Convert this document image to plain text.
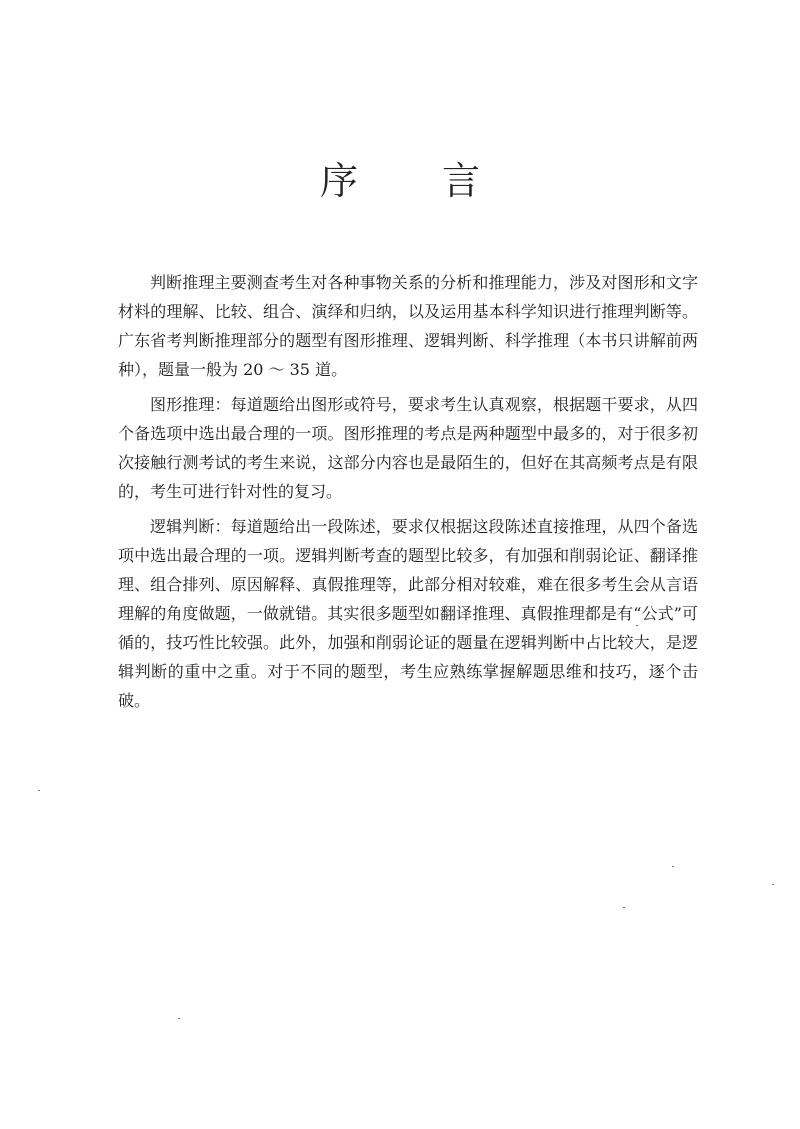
序 言

判断推理主要测查考生对各种事物关系的分析和推理能力，涉及对图形和文字材料的理解、比较、组合、演绎和归纳，以及运用基本科学知识进行推理判断等。广东省考判断推理部分的题型有图形推理、逻辑判断、科学推理（本书只讲解前两种），题量一般为 20 ～ 35 道。

图形推理：每道题给出图形或符号，要求考生认真观察，根据题干要求，从四个备选项中选出最合理的一项。图形推理的考点是两种题型中最多的，对于很多初次接触行测考试的考生来说，这部分内容也是最陌生的，但好在其高频考点是有限的，考生可进行针对性的复习。

逻辑判断：每道题给出一段陈述，要求仅根据这段陈述直接推理，从四个备选项中选出最合理的一项。逻辑判断考查的题型比较多，有加强和削弱论证、翻译推理、组合排列、原因解释、真假推理等，此部分相对较难，难在很多考生会从言语理解的角度做题，一做就错。其实很多题型如翻译推理、真假推理都是有“公式”可循的，技巧性比较强。此外，加强和削弱论证的题量在逻辑判断中占比较大，是逻辑判断的重中之重。对于不同的题型，考生应熟练掌握解题思维和技巧，逐个击破。
